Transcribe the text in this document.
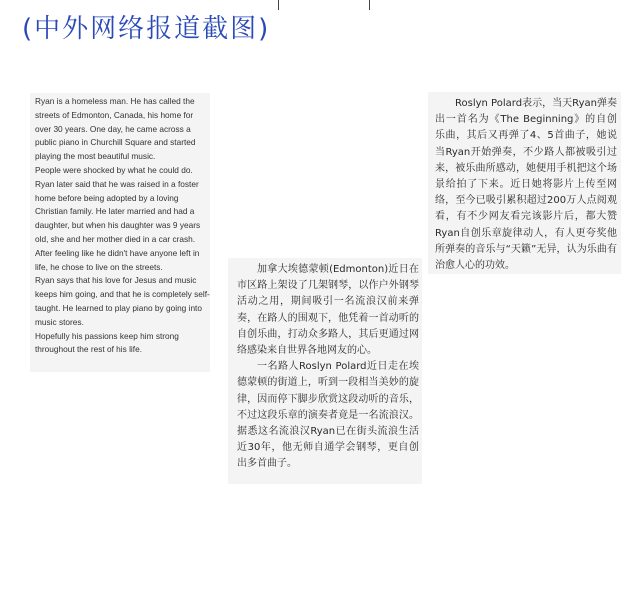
(中外网络报道截图)

Ryan is a homeless man. He has called the streets of Edmonton, Canada, his home for over 30 years. One day, he came across a public piano in Churchill Square and started playing the most beautiful music.

People were shocked by what he could do. Ryan later said that he was raised in a foster home before being adopted by a loving Christian family. He later married and had a daughter, but when his daughter was 9 years old, she and her mother died in a car crash. After feeling like he didn't have anyone left in life, he chose to live on the streets.

Ryan says that his love for Jesus and music keeps him going, and that he is completely self-taught. He learned to play piano by going into music stores.

Hopefully his passions keep him strong throughout the rest of his life.

加拿大埃德蒙顿(Edmonton)近日在市区路上架设了几架钢琴，以作户外钢琴活动之用，期间吸引一名流浪汉前来弹奏，在路人的围观下，他凭着一首动听的自创乐曲，打动众多路人，其后更通过网络感染来自世界各地网友的心。

一名路人Roslyn Polard近日走在埃德蒙顿的街道上，听到一段相当美妙的旋律，因而停下脚步欣赏这段动听的音乐，不过这段乐章的演奏者竟是一名流浪汉。据悉这名流浪汉Ryan已在街头流浪生活近30年，他无师自通学会钢琴，更自创出多首曲子。

Roslyn Polard表示，当天Ryan弹奏出一首名为《The Beginning》的自创乐曲，其后又再弹了4、5首曲子，她说当Ryan开始弹奏，不少路人都被吸引过来，被乐曲所感动，她便用手机把这个场景给拍了下来。近日她将影片上传至网络，至今已吸引累积超过200万人点阅观看，有不少网友看完该影片后，都大赞Ryan自创乐章旋律动人，有人更夸奖他所弹奏的音乐与“天籁”无异，认为乐曲有治愈人心的功效。
